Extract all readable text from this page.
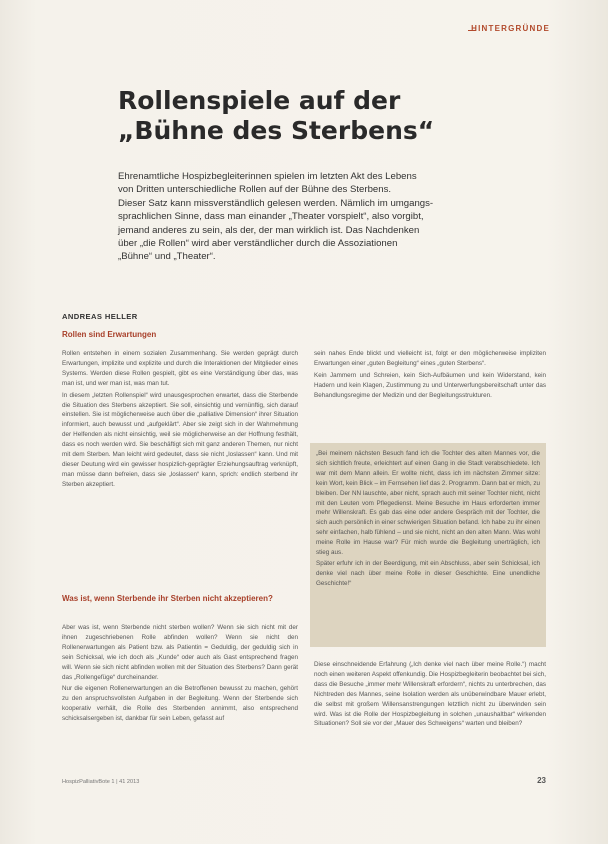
HINTERGRÜNDE
Rollenspiele auf der
„Bühne des Sterbens“

Ehrenamtliche Hospizbegleiterinnen spielen im letzten Akt des Lebens

von Dritten unterschiedliche Rollen auf der Bühne des Sterbens.

Dieser Satz kann missverständlich gelesen werden. Nämlich im umgangs-

sprachlichen Sinne, dass man einander „Theater vorspielt“, also vorgibt,

jemand anderes zu sein, als der, der man wirklich ist. Das Nachdenken

über „die Rollen“ wird aber verständlicher durch die Assoziationen

„Bühne“ und „Theater“.

ANDREAS HELLER
Rollen sind Erwartungen

Rollen entstehen in einem sozialen Zusammenhang. Sie werden geprägt durch Erwartungen, implizite und explizite und durch die Interaktionen der Mitglieder eines Systems. Werden diese Rollen gespielt, gibt es eine Verständigung über das, was man ist, und wer man ist, was man tut.

In diesem „letzten Rollenspiel“ wird unausgesprochen erwartet, dass die Sterbende die Situation des Sterbens akzeptiert. Sie soll, einsichtig und vernünftig, sich darauf einstellen. Sie ist möglicherweise auch über die „palliative Dimension“ ihrer Situation informiert, auch bewusst und „aufgeklärt“. Aber sie zeigt sich in der Wahrnehmung der Helfenden als nicht einsichtig, weil sie möglicherweise an der Hoffnung festhält, dass es noch werden wird. Sie beschäftigt sich mit ganz anderen Themen, nur nicht mit dem Sterben. Man leicht wird gedeutet, dass sie nicht „loslassen“ kann. Und mit dieser Deutung wird ein gewisser hospizlich-geprägter Erziehungsauftrag verknüpft, man müsse dann befreien, dass sie „loslassen“ kann, sprich: endlich sterbend ihr Sterben akzeptiert.

Was ist, wenn Sterbende ihr Sterben nicht akzeptieren?

Aber was ist, wenn Sterbende nicht sterben wollen? Wenn sie sich nicht mit der ihnen zugeschriebenen Rolle abfinden wollen? Wenn sie nicht den Rollenerwartungen als Patient bzw. als Patientin = Geduldig, der geduldig sich in sein Schicksal, wie ich doch als „Kunde“ oder auch als Gast entsprechend fragen will. Wenn sie sich nicht abfinden wollen mit der Situation des Sterbens? Dann gerät das „Rollengefüge“ durcheinander.

Nur die eigenen Rollenerwartungen an die Betroffenen bewusst zu machen, gehört zu den anspruchsvollsten Aufgaben in der Begleitung. Wenn der Sterbende sich kooperativ verhält, die Rolle des Sterbenden annimmt, also entsprechend schicksalsergeben ist, dankbar für sein Leben, gefasst auf

sein nahes Ende blickt und vielleicht ist, folgt er den möglicherweise impliziten Erwartungen einer „guten Begleitung“ eines „guten Sterbens“.

Kein Jammern und Schreien, kein Sich-Aufbäumen und kein Widerstand, kein Hadern und kein Klagen, Zustimmung zu und Unterwerfungsbereitschaft unter das Behandlungsregime der Medizin und der Begleitungsstrukturen.

„Bei meinem nächsten Besuch fand ich die Tochter des alten Mannes vor, die sich sichtlich freute, erleichtert auf einen Gang in die Stadt verabschiedete. Ich war mit dem Mann allein. Er wollte nicht, dass ich im nächsten Zimmer sitze: kein Wort, kein Blick – im Fernsehen lief das 2. Programm. Dann bat er mich, zu bleiben. Der NN lauschte, aber nicht, sprach auch mit seiner Tochter nicht, nicht mit den Leuten vom Pflegedienst. Meine Besuche im Haus erforderten immer mehr Willenskraft. Es gab das eine oder andere Gespräch mit der Tochter, die sich auch persönlich in einer schwierigen Situation befand. Ich habe zu ihr einen sehr einfachen, halb fühlend – und sie nicht, nicht an den alten Mann. Was wohl meine Rolle im Hause war? Für mich wurde die Begleitung unerträglich, ich stieg aus.

Später erfuhr ich in der Beerdigung, mit ein Abschluss, aber sein Schicksal, ich denke viel nach über meine Rolle in dieser Geschichte. Eine unendliche Geschichte!“

Diese einschneidende Erfahrung („Ich denke viel nach über meine Rolle.“) macht noch einen weiteren Aspekt offenkundig. Die Hospizbegleiterin beobachtet bei sich, dass die Besuche „immer mehr Willenskraft erfordern“, nichts zu unterbrechen, das Nichtreden des Mannes, seine Isolation werden als unüberwindbare Mauer erlebt, die selbst mit großem Willensanstrengungen letztlich nicht zu überwinden sein wird. Was ist die Rolle der Hospizbegleitung in solchen „unaushaltbar“ wirkenden Situationen? Soll sie vor der „Mauer des Schweigens“ warten und bleiben?

HospizPalliativBote 1 | 41 2013	23
